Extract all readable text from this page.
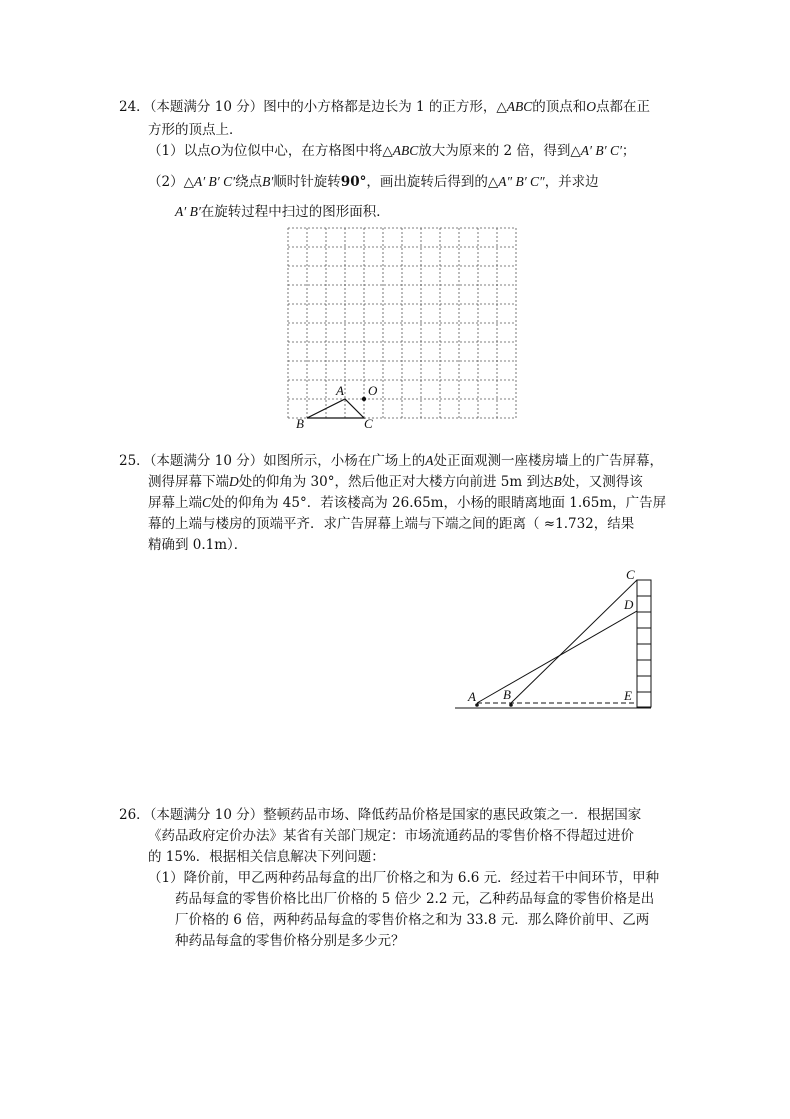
24．（本题满分 10 分）图中的小方格都是边长为 1 的正方形，△ABC的顶点和O点都在正
方形的顶点上．
（1）以点O为位似中心，在方格图中将△ABC放大为原来的 2 倍，得到△A′ B′ C′；
（2）△A′ B′ C′绕点B′顺时针旋转90°，画出旋转后得到的△A″ B′ C″，并求边
A′ B′在旋转过程中扫过的图形面积．
A O
B	C
C
D
A B	E
25．（本题满分 10 分）如图所示，小杨在广场上的A处正面观测一座楼房墙上的广告屏幕，
测得屏幕下端D处的仰角为 30°，然后他正对大楼方向前进 5m 到达B处，又测得该
屏幕上端C处的仰角为 45°．若该楼高为 26.65m，小杨的眼睛离地面 1.65m，广告屏
幕的上端与楼房的顶端平齐．求广告屏幕上端与下端之间的距离（ ≈1.732，结果
精确到 0.1m）．
26．（本题满分 10 分）整顿药品市场、降低药品价格是国家的惠民政策之一．根据国家
《药品政府定价办法》某省有关部门规定：市场流通药品的零售价格不得超过进价
的 15%．根据相关信息解决下列问题：
（1）降价前，甲乙两种药品每盒的出厂价格之和为 6.6 元．经过若干中间环节，甲种
药品每盒的零售价格比出厂价格的 5 倍少 2.2 元，乙种药品每盒的零售价格是出
厂价格的 6 倍，两种药品每盒的零售价格之和为 33.8 元．那么降价前甲、乙两
种药品每盒的零售价格分别是多少元？
